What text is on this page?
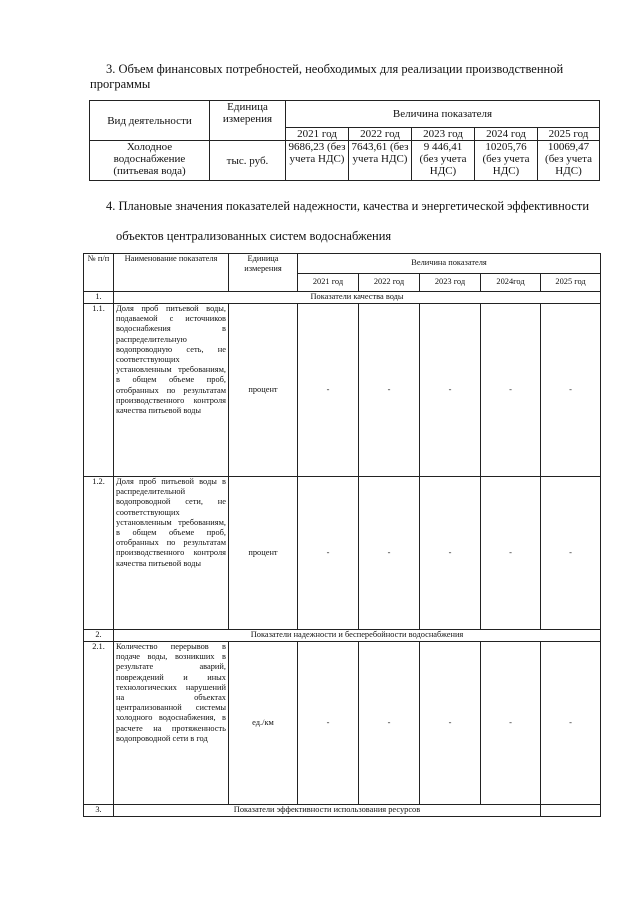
3. Объем финансовых потребностей, необходимых для реализации производственной программы
Вид деятельности	Единица измерения	Величина показателя				
		2021 год	2022 год	2023 год	2024 год	2025 год
Холодное водоснабжение (питьевая вода)	тыс. руб.	9686,23 (без учета НДС)	7643,61 (без учета НДС)	9 446,41 (без учета НДС)	10205,76 (без учета НДС)	10069,47 (без учета НДС)
4. Плановые значения показателей надежности, качества и энергетической эффективности
объектов централизованных систем водоснабжения
№ п/п	Наименование показателя	Единица измерения	Величина показателя				
			2021 год	2022 год	2023 год	2024год	2025 год
1.	Показатели качества воды						
1.1.	Доля проб питьевой воды, подаваемой с источников водоснабжения в распределительную водопроводную сеть, не соответствующих установленным требованиям, в общем объеме проб, отобранных по результатам производственного контроля качества питьевой воды	процент	-	-	-	-	-
1.2.	Доля проб питьевой воды в распределительной водопроводной сети, не соответствующих установленным требованиям, в общем объеме проб, отобранных по результатам производственного контроля качества питьевой воды	процент	-	-	-	-	-
2.	Показатели надежности и бесперебойности водоснабжения						
2.1.	Количество перерывов в подаче воды, возникших в результате аварий, повреждений и иных технологических нарушений на объектах централизованной системы холодного водоснабжения, в расчете на протяженность водопроводной сети в год	ед./км	-	-	-	-	-
3.	Показатели эффективности использования ресурсов						
